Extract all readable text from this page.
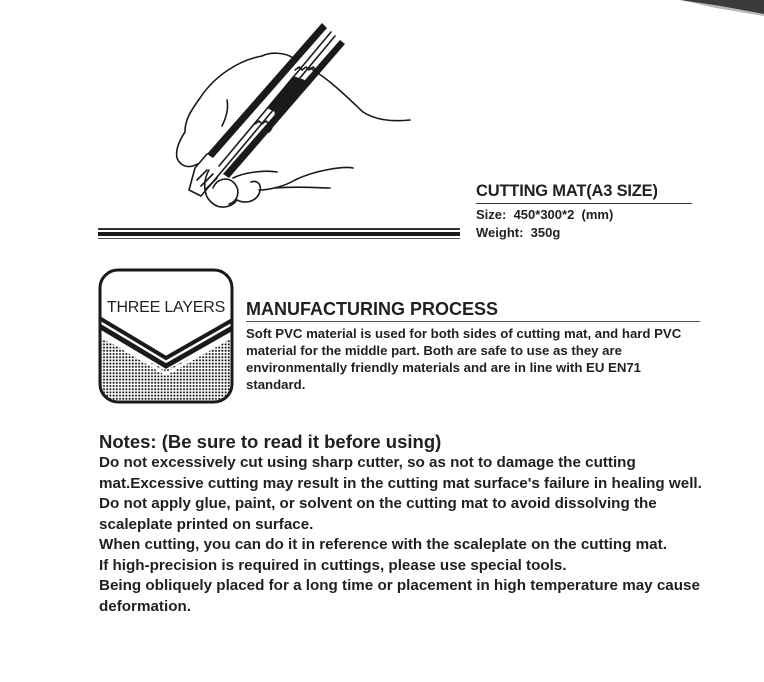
CUTTING MAT(A3 SIZE)
Size:  450*300*2  (mm)
Weight:  350g
THREE LAYERS	MANUFACTURING PROCESS
Soft PVC material is used for both sides of cutting mat, and hard PVC material for the middle part. Both are safe to use as they are environmentally friendly materials and are in line with EU EN71 standard.
Notes: (Be sure to read it before using)
Do not excessively cut using sharp cutter, so as not to damage the cutting mat.Excessive cutting may result in the cutting mat surface's failure in healing well.
Do not apply glue, paint, or solvent on the cutting mat to avoid dissolving the scaleplate printed on surface.
When cutting, you can do it in reference with the scaleplate on the cutting mat.
If high-precision is required in cuttings, please use special tools.
Being obliquely placed for a long time or placement in high temperature may cause deformation.
